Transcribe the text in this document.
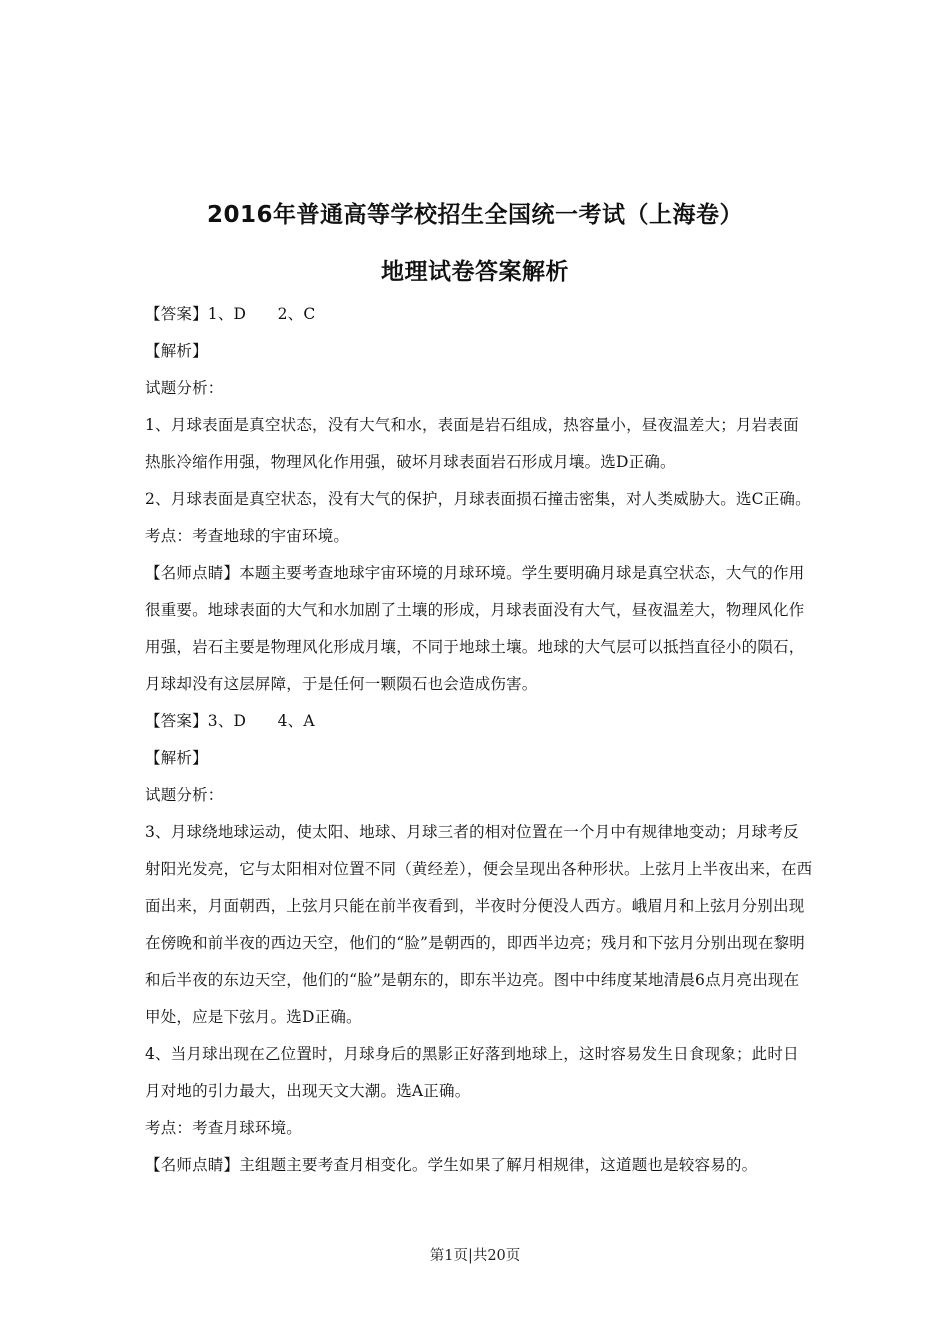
2016年普通高等学校招生全国统一考试（上海卷）
地理试卷答案解析

【答案】1、D　　2、C

【解析】

试题分析：

1、月球表面是真空状态，没有大气和水，表面是岩石组成，热容量小，昼夜温差大；月岩表面热胀冷缩作用强，物理风化作用强，破坏月球表面岩石形成月壤。选D正确。

2、月球表面是真空状态，没有大气的保护，月球表面损石撞击密集，对人类威胁大。选C正确。

考点：考查地球的宇宙环境。

【名师点睛】本题主要考查地球宇宙环境的月球环境。学生要明确月球是真空状态，大气的作用很重要。地球表面的大气和水加剧了土壤的形成，月球表面没有大气，昼夜温差大，物理风化作用强，岩石主要是物理风化形成月壤，不同于地球土壤。地球的大气层可以抵挡直径小的陨石，月球却没有这层屏障，于是任何一颗陨石也会造成伤害。

【答案】3、D　　4、A

【解析】

试题分析：

3、月球绕地球运动，使太阳、地球、月球三者的相对位置在一个月中有规律地变动；月球考反射阳光发亮，它与太阳相对位置不同（黄经差），便会呈现出各种形状。上弦月上半夜出来，在西面出来，月面朝西，上弦月只能在前半夜看到，半夜时分便没人西方。峨眉月和上弦月分别出现在傍晚和前半夜的西边天空，他们的“脸”是朝西的，即西半边亮；残月和下弦月分别出现在黎明和后半夜的东边天空，他们的“脸”是朝东的，即东半边亮。图中中纬度某地清晨6点月亮出现在甲处，应是下弦月。选D正确。

4、当月球出现在乙位置时，月球身后的黑影正好落到地球上，这时容易发生日食现象；此时日月对地的引力最大，出现天文大潮。选A正确。

考点：考查月球环境。

【名师点睛】主组题主要考查月相变化。学生如果了解月相规律，这道题也是较容易的。

第1页|共20页
